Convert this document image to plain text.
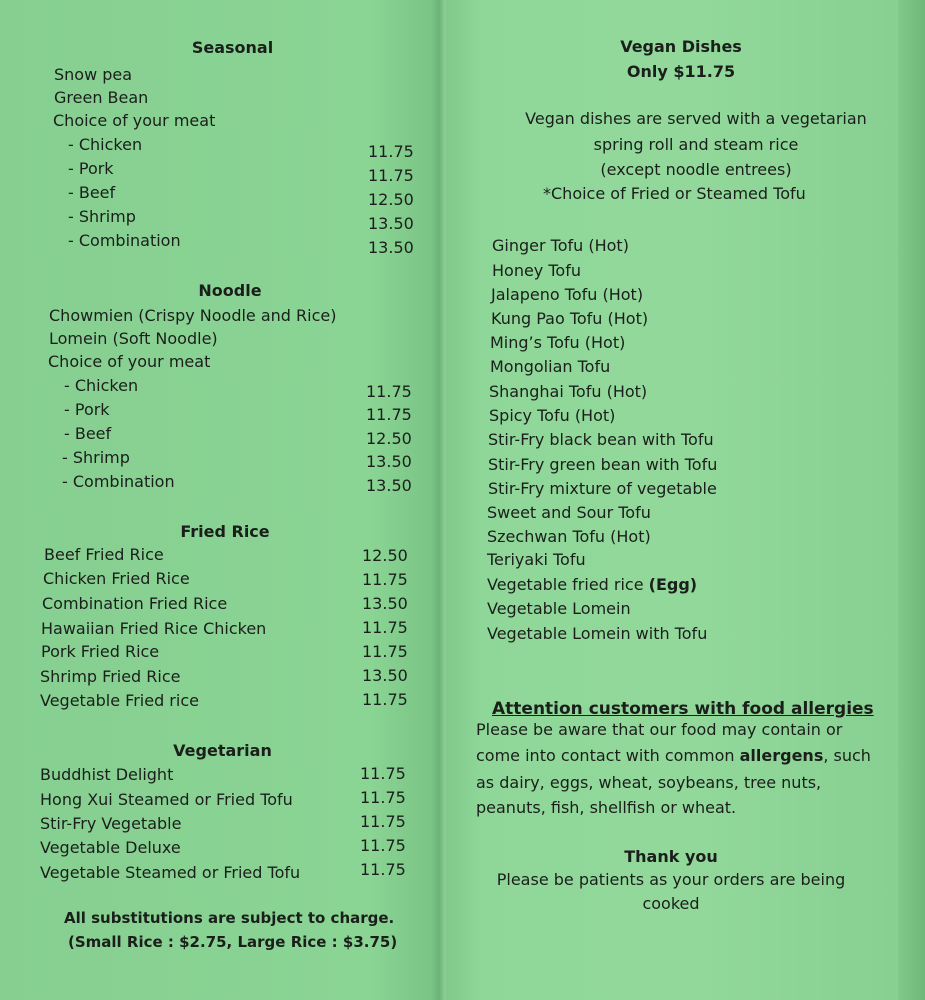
Seasonal
Snow pea
Green Bean
Choice of your meat
- Chicken	11.75
- Pork	11.75
- Beef	12.50
- Shrimp	13.50
- Combination	13.50
Noodle
Chowmien (Crispy Noodle and Rice)
Lomein (Soft Noodle)
Choice of your meat
- Chicken	11.75
- Pork	11.75
- Beef	12.50
- Shrimp	13.50
- Combination	13.50
Fried Rice
Beef Fried Rice	12.50
Chicken Fried Rice	11.75
Combination Fried Rice	13.50
Hawaiian Fried Rice Chicken	11.75
Pork Fried Rice	11.75
Shrimp Fried Rice	13.50
Vegetable Fried rice	11.75
Vegetarian
Buddhist Delight	11.75
Hong Xui Steamed or Fried Tofu	11.75
Stir-Fry Vegetable	11.75
Vegetable Deluxe	11.75
Vegetable Steamed or Fried Tofu	11.75
All substitutions are subject to charge.
(Small Rice : $2.75, Large Rice : $3.75)
Vegan Dishes
Only $11.75
Vegan dishes are served with a vegetarian
spring roll and steam rice
(except noodle entrees)
*Choice of Fried or Steamed Tofu
Ginger Tofu (Hot)
Honey Tofu
Jalapeno Tofu (Hot)
Kung Pao Tofu (Hot)
Ming’s Tofu (Hot)
Mongolian Tofu
Shanghai Tofu (Hot)
Spicy Tofu (Hot)
Stir-Fry black bean with Tofu
Stir-Fry green bean with Tofu
Stir-Fry mixture of vegetable
Sweet and Sour Tofu
Szechwan Tofu (Hot)
Teriyaki Tofu
Vegetable fried rice (Egg)
Vegetable Lomein
Vegetable Lomein with Tofu
Attention customers with food allergies
Please be aware that our food may contain or
come into contact with common allergens, such
as dairy, eggs, wheat, soybeans, tree nuts,
peanuts, fish, shellfish or wheat.
Thank you
Please be patients as your orders are being
cooked
